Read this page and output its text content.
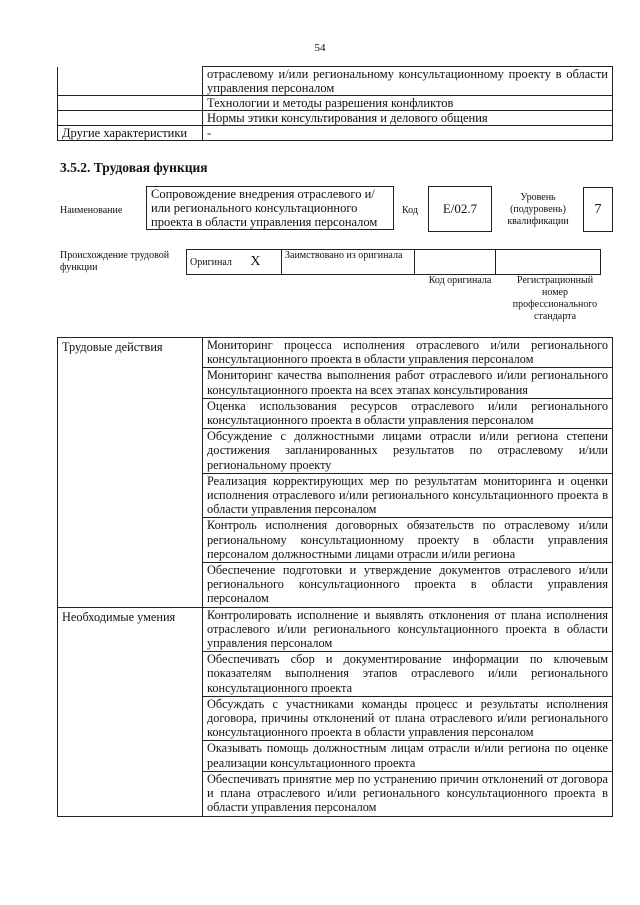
54
	отраслевому и/или региональному консультационному проекту в области управления персоналом
	Технологии и методы разрешения конфликтов
	Нормы этики консультирования и делового общения
Другие характеристики	-
3.5.2. Трудовая функция
Наименование
Сопровождение внедрения отраслевого и/или регионального консультационного проекта в области управления персоналом
Код	E/02.7
Уровень (подуровень) квалификации
7
Происхождение трудовой функции	Оригинал X	Заимствовано из оригинала		
Код оригинала	Регистрационный номер профессионального стандарта
Трудовые действия	Мониторинг процесса исполнения отраслевого и/или регионального консультационного проекта в области управления персоналом
	Мониторинг качества выполнения работ отраслевого и/или регионального консультационного проекта на всех этапах консультирования
	Оценка использования ресурсов отраслевого и/или регионального консультационного проекта в области управления персоналом
	Обсуждение с должностными лицами отрасли и/или региона степени достижения запланированных результатов по отраслевому и/или региональному проекту
	Реализация корректирующих мер по результатам мониторинга и оценки исполнения отраслевого и/или регионального консультационного проекта в области управления персоналом
	Контроль исполнения договорных обязательств по отраслевому и/или региональному консультационному проекту в области управления персоналом должностными лицами отрасли и/или региона
	Обеспечение подготовки и утверждение документов отраслевого и/или регионального консультационного проекта в области управления персоналом
Необходимые умения	Контролировать исполнение и выявлять отклонения от плана исполнения отраслевого и/или регионального консультационного проекта в области управления персоналом
	Обеспечивать сбор и документирование информации по ключевым показателям выполнения этапов отраслевого и/или регионального консультационного проекта
	Обсуждать с участниками команды процесс и результаты исполнения договора, причины отклонений от плана отраслевого и/или регионального консультационного проекта в области управления персоналом
	Оказывать помощь должностным лицам отрасли и/или региона по оценке реализации консультационного проекта
	Обеспечивать принятие мер по устранению причин отклонений от договора и плана отраслевого и/или регионального консультационного проекта в области управления персоналом
